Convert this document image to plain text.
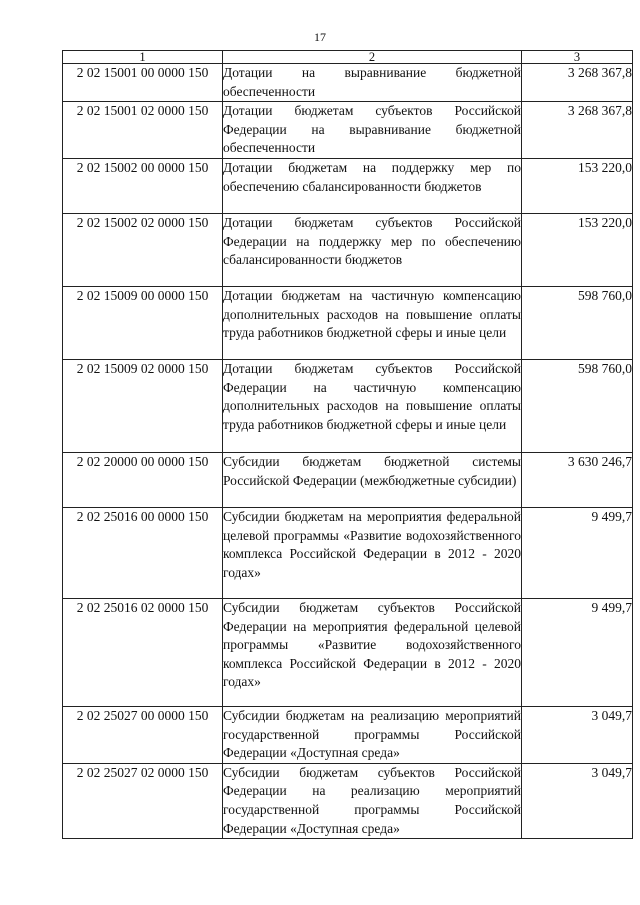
17
1	2	3
2 02 15001 00 0000 150	Дотации на выравнивание бюджетной обеспеченности	3 268 367,8
2 02 15001 02 0000 150	Дотации бюджетам субъектов Российской Федерации на выравнивание бюджетной обеспеченности	3 268 367,8
2 02 15002 00 0000 150	Дотации бюджетам на поддержку мер по обеспечению сбалансированности бюджетов	153 220,0
2 02 15002 02 0000 150	Дотации бюджетам субъектов Российской Федерации на поддержку мер по обеспечению сбалансированности бюджетов	153 220,0
2 02 15009 00 0000 150	Дотации бюджетам на частичную компенсацию дополнительных расходов на повышение оплаты труда работников бюджетной сферы и иные цели	598 760,0
2 02 15009 02 0000 150	Дотации бюджетам субъектов Российской Федерации на частичную компенсацию дополнительных расходов на повышение оплаты труда работников бюджетной сферы и иные цели	598 760,0
2 02 20000 00 0000 150	Субсидии бюджетам бюджетной системы Российской Федерации (межбюджетные субсидии)	3 630 246,7
2 02 25016 00 0000 150	Субсидии бюджетам на мероприятия федеральной целевой программы «Развитие водохозяйственного комплекса Российской Федерации в 2012 - 2020 годах»	9 499,7
2 02 25016 02 0000 150	Субсидии бюджетам субъектов Российской Федерации на мероприятия федеральной целевой программы «Развитие водохозяйственного комплекса Российской Федерации в 2012 - 2020 годах»	9 499,7
2 02 25027 00 0000 150	Субсидии бюджетам на реализацию мероприятий государственной программы Российской Федерации «Доступная среда»	3 049,7
2 02 25027 02 0000 150	Субсидии бюджетам субъектов Российской Федерации на реализацию мероприятий государственной программы Российской Федерации «Доступная среда»	3 049,7
